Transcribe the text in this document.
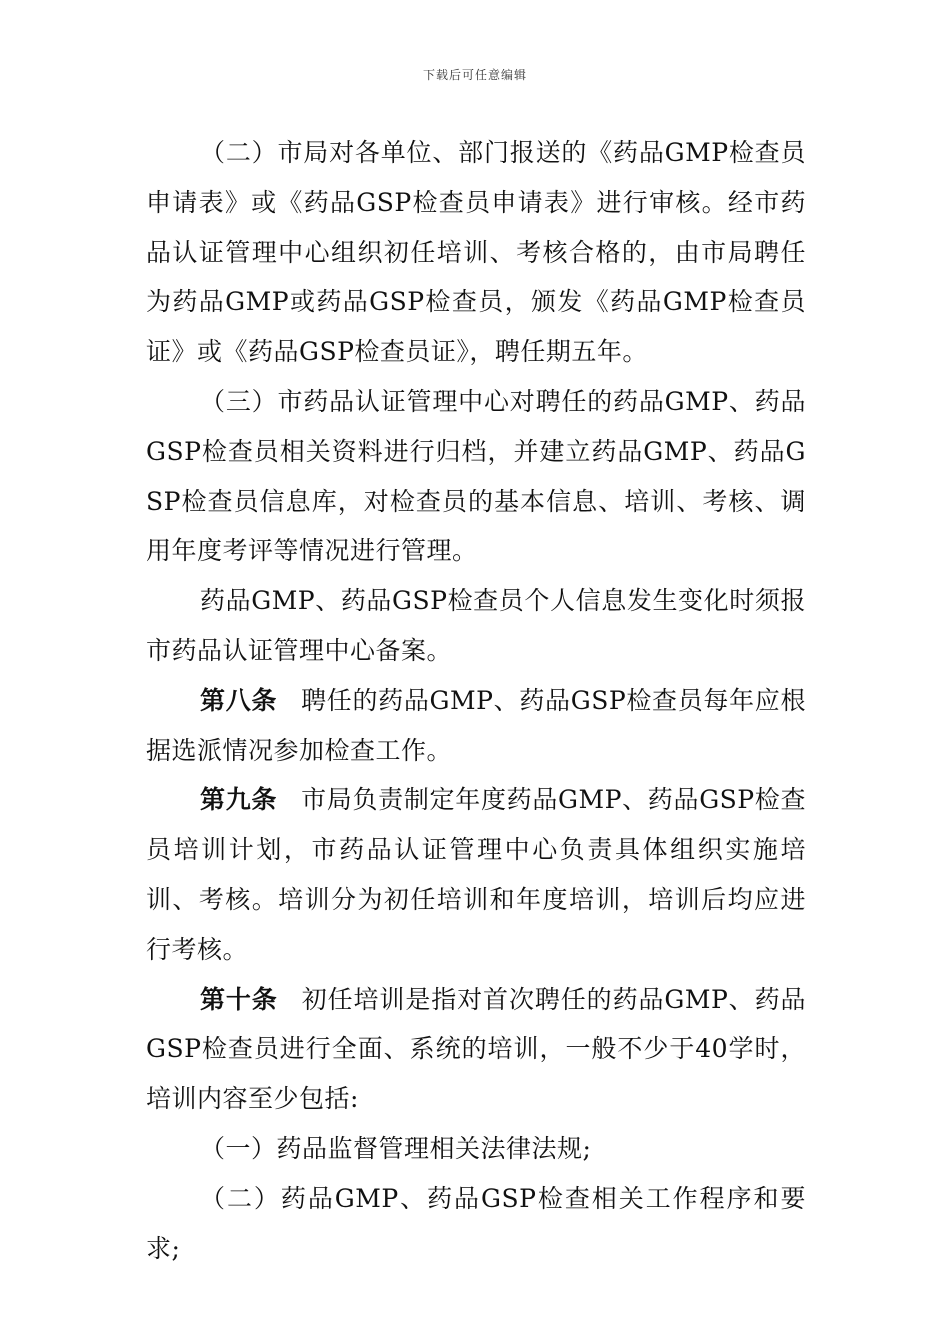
下载后可任意编辑

（二）市局对各单位、部门报送的《药品GMP检查员申请表》或《药品GSP检查员申请表》进行审核。经市药品认证管理中心组织初任培训、考核合格的，由市局聘任为药品GMP或药品GSP检查员，颁发《药品GMP检查员证》或《药品GSP检查员证》，聘任期五年。

（三）市药品认证管理中心对聘任的药品GMP、药品GSP检查员相关资料进行归档，并建立药品GMP、药品GSP检查员信息库，对检查员的基本信息、培训、考核、调用年度考评等情况进行管理。

药品GMP、药品GSP检查员个人信息发生变化时须报市药品认证管理中心备案。

第八条 聘任的药品GMP、药品GSP检查员每年应根据选派情况参加检查工作。

第九条 市局负责制定年度药品GMP、药品GSP检查员培训计划，市药品认证管理中心负责具体组织实施培训、考核。培训分为初任培训和年度培训，培训后均应进行考核。

第十条 初任培训是指对首次聘任的药品GMP、药品GSP检查员进行全面、系统的培训，一般不少于40学时，培训内容至少包括:

（一）药品监督管理相关法律法规;

（二）药品GMP、药品GSP检查相关工作程序和要求;
